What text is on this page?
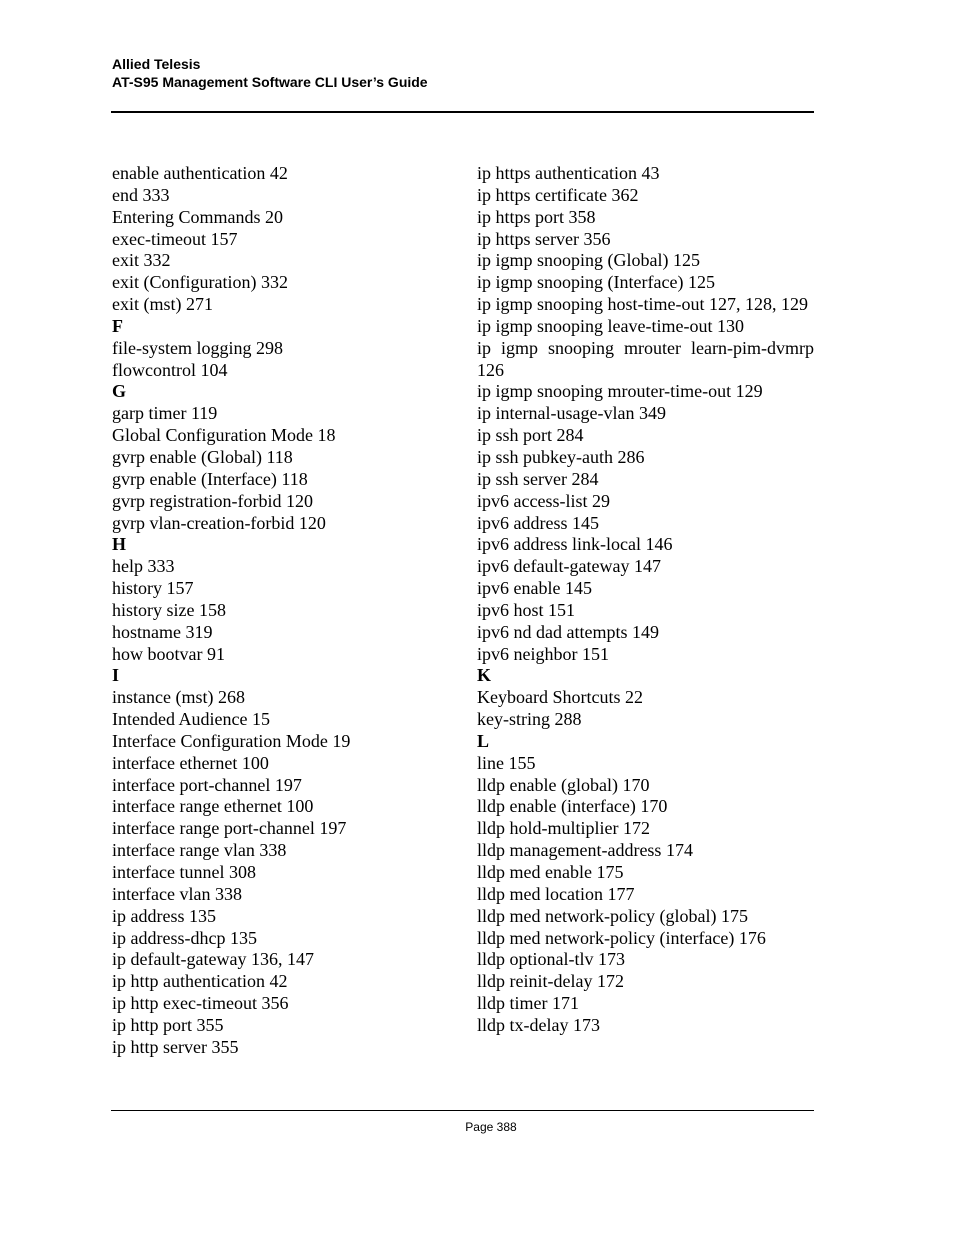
Allied Telesis
AT-S95 Management Software CLI User’s Guide
enable authentication 42
end 333
Entering Commands 20
exec-timeout 157
exit 332
exit (Configuration) 332
exit (mst) 271
F
file-system logging 298
flowcontrol 104
G
garp timer 119
Global Configuration Mode 18
gvrp enable (Global) 118
gvrp enable (Interface) 118
gvrp registration-forbid 120
gvrp vlan-creation-forbid 120
H
help 333
history 157
history size 158
hostname 319
how bootvar 91
I
instance (mst) 268
Intended Audience 15
Interface Configuration Mode 19
interface ethernet 100
interface port-channel 197
interface range ethernet 100
interface range port-channel 197
interface range vlan 338
interface tunnel 308
interface vlan 338
ip address 135
ip address-dhcp 135
ip default-gateway 136, 147
ip http authentication 42
ip http exec-timeout 356
ip http port 355
ip http server 355
ip https authentication 43
ip https certificate 362
ip https port 358
ip https server 356
ip igmp snooping (Global) 125
ip igmp snooping (Interface) 125
ip igmp snooping host-time-out 127, 128, 129
ip igmp snooping leave-time-out 130
ip igmp snooping mrouter learn-pim-dvmrp 126
ip igmp snooping mrouter-time-out 129
ip internal-usage-vlan 349
ip ssh port 284
ip ssh pubkey-auth 286
ip ssh server 284
ipv6 access-list 29
ipv6 address 145
ipv6 address link-local 146
ipv6 default-gateway 147
ipv6 enable 145
ipv6 host 151
ipv6 nd dad attempts 149
ipv6 neighbor 151
K
Keyboard Shortcuts 22
key-string 288
L
line 155
lldp enable (global) 170
lldp enable (interface) 170
lldp hold-multiplier 172
lldp management-address 174
lldp med enable 175
lldp med location 177
lldp med network-policy (global) 175
lldp med network-policy (interface) 176
lldp optional-tlv 173
lldp reinit-delay 172
lldp timer 171
lldp tx-delay 173
Page 388
